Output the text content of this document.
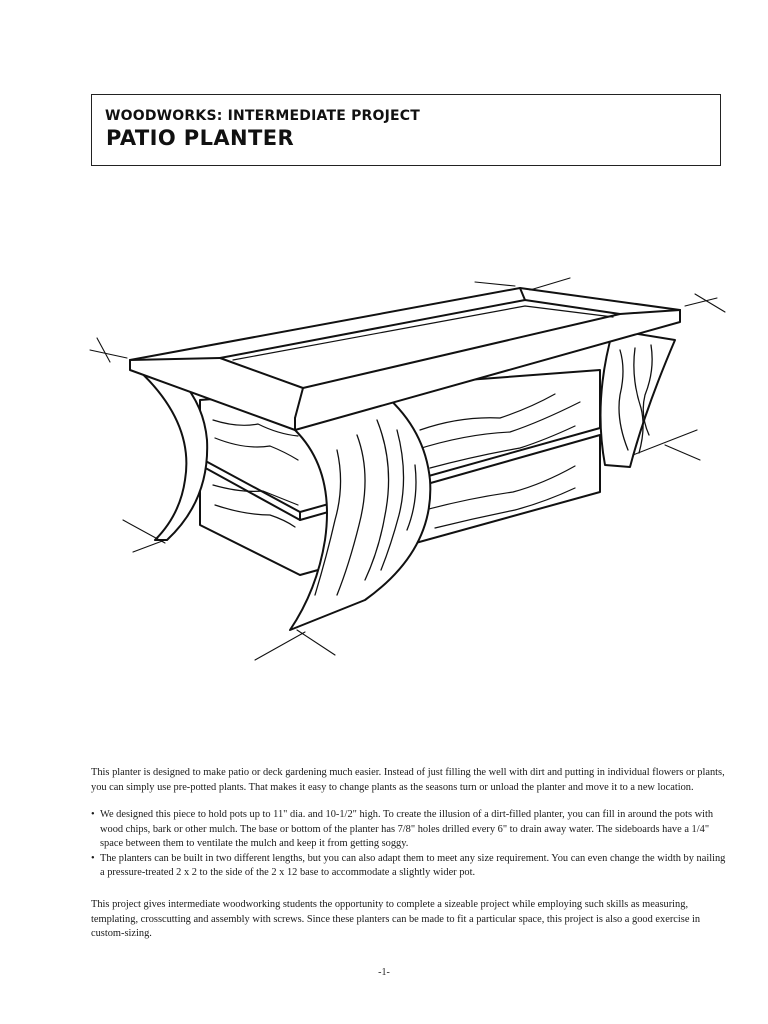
WOODWORKS: INTERMEDIATE PROJECT
PATIO PLANTER
This planter is designed to make patio or deck gardening much easier. Instead of just filling the well with dirt and putting in individual flowers or plants, you can simply use pre-potted plants. That makes it easy to change plants as the seasons turn or unload the planter and move it to a new location.
• We designed this piece to hold pots up to 11" dia. and 10-1/2" high. To create the illusion of a dirt-filled planter, you can fill in around the pots with wood chips, bark or other mulch. The base or bottom of the planter has 7/8" holes drilled every 6" to drain away water. The sideboards have a 1/4" space between them to ventilate the mulch and keep it from getting soggy.
• The planters can be built in two different lengths, but you can also adapt them to meet any size requirement. You can even change the width by nailing a pressure-treated 2 x 2 to the side of the 2 x 12 base to accommodate a slightly wider pot.
This project gives intermediate woodworking students the opportunity to complete a sizeable project while employing such skills as measuring, templating, crosscutting and assembly with screws. Since these planters can be made to fit a particular space, this project is also a good exercise in custom-sizing.
-1-
